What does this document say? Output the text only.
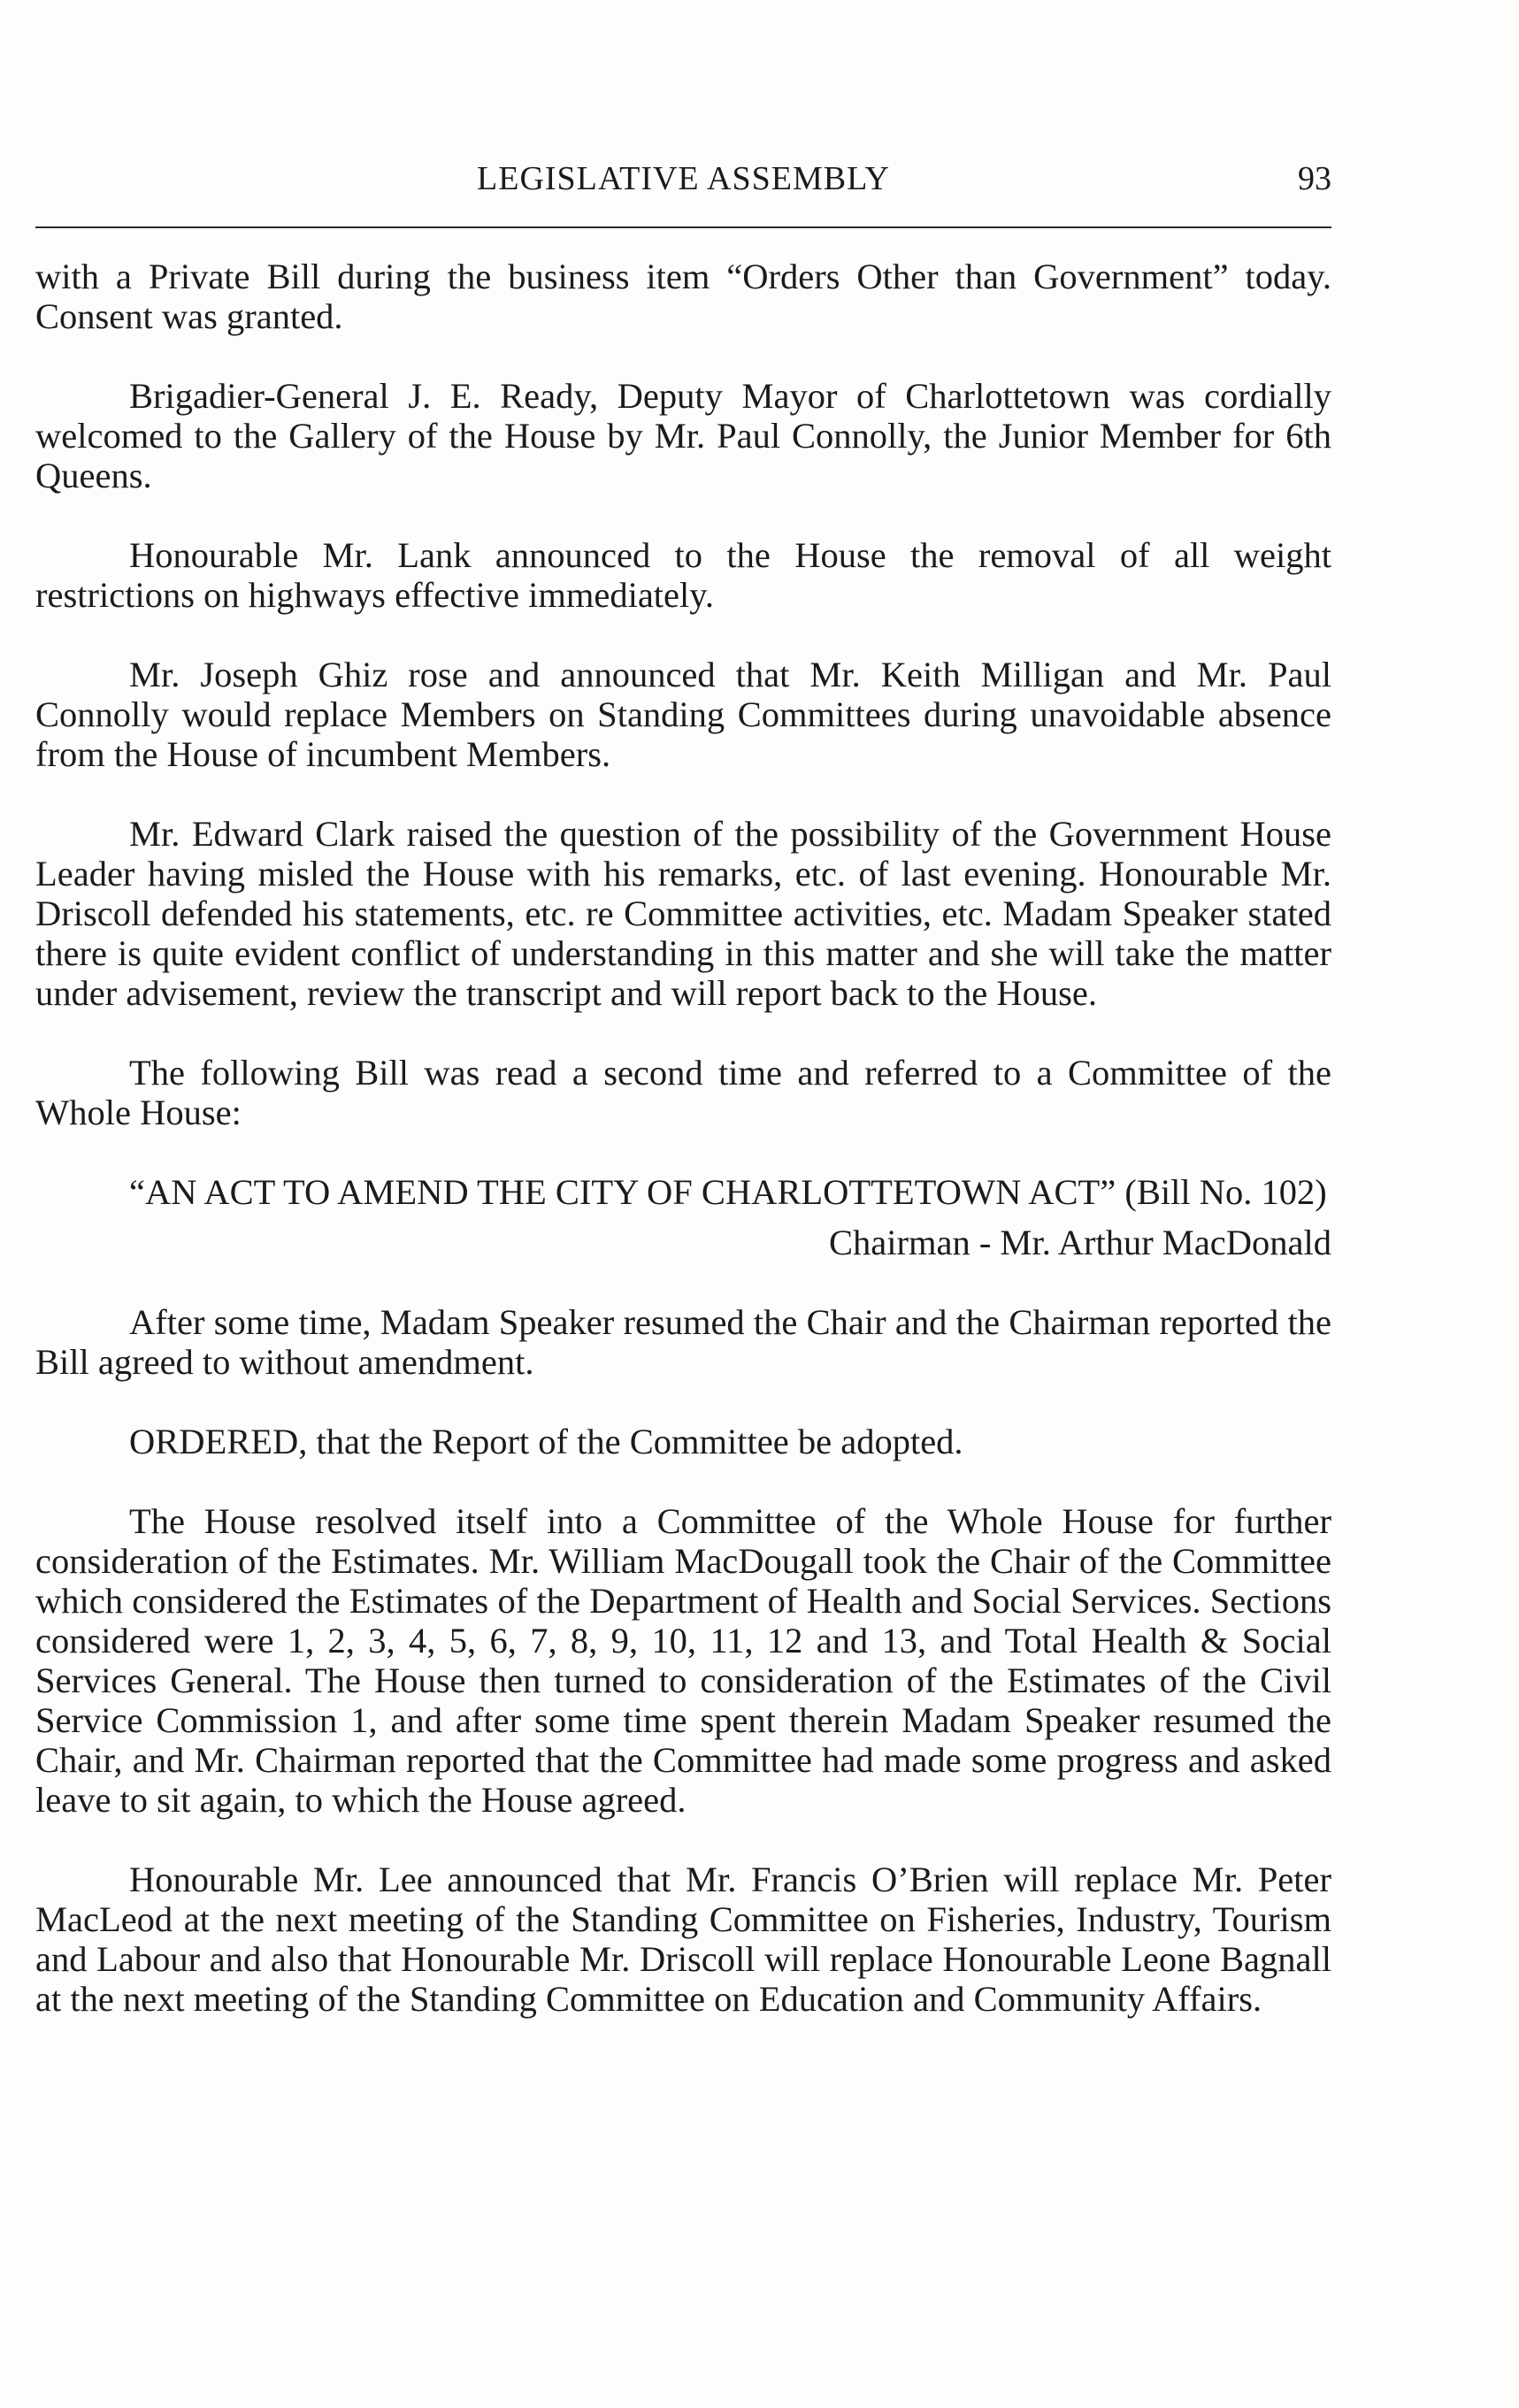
LEGISLATIVE ASSEMBLY	93

with a Private Bill during the business item “Orders Other than Government” today. Consent was granted.

Brigadier-General J. E. Ready, Deputy Mayor of Charlottetown was cordially welcomed to the Gallery of the House by Mr. Paul Connolly, the Junior Member for 6th Queens.

Honourable Mr. Lank announced to the House the removal of all weight restrictions on highways effective immediately.

Mr. Joseph Ghiz rose and announced that Mr. Keith Milligan and Mr. Paul Connolly would replace Members on Standing Committees during unavoidable absence from the House of incumbent Members.

Mr. Edward Clark raised the question of the possibility of the Government House Leader having misled the House with his remarks, etc. of last evening. Honourable Mr. Driscoll defended his statements, etc. re Committee activities, etc. Madam Speaker stated there is quite evident conflict of understanding in this matter and she will take the matter under advisement, review the transcript and will report back to the House.

The following Bill was read a second time and referred to a Committee of the Whole House:

“AN ACT TO AMEND THE CITY OF CHARLOTTETOWN ACT” (Bill No. 102)

Chairman - Mr. Arthur MacDonald

After some time, Madam Speaker resumed the Chair and the Chairman reported the Bill agreed to without amendment.

ORDERED, that the Report of the Committee be adopted.

The House resolved itself into a Committee of the Whole House for further consideration of the Estimates. Mr. William MacDougall took the Chair of the Committee which considered the Estimates of the Department of Health and Social Services. Sections considered were 1, 2, 3, 4, 5, 6, 7, 8, 9, 10, 11, 12 and 13, and Total Health & Social Services General. The House then turned to consideration of the Estimates of the Civil Service Commission 1, and after some time spent therein Madam Speaker resumed the Chair, and Mr. Chairman reported that the Committee had made some progress and asked leave to sit again, to which the House agreed.

Honourable Mr. Lee announced that Mr. Francis O’Brien will replace Mr. Peter MacLeod at the next meeting of the Standing Committee on Fisheries, Industry, Tourism and Labour and also that Honourable Mr. Driscoll will replace Honourable Leone Bagnall at the next meeting of the Standing Committee on Education and Community Affairs.
